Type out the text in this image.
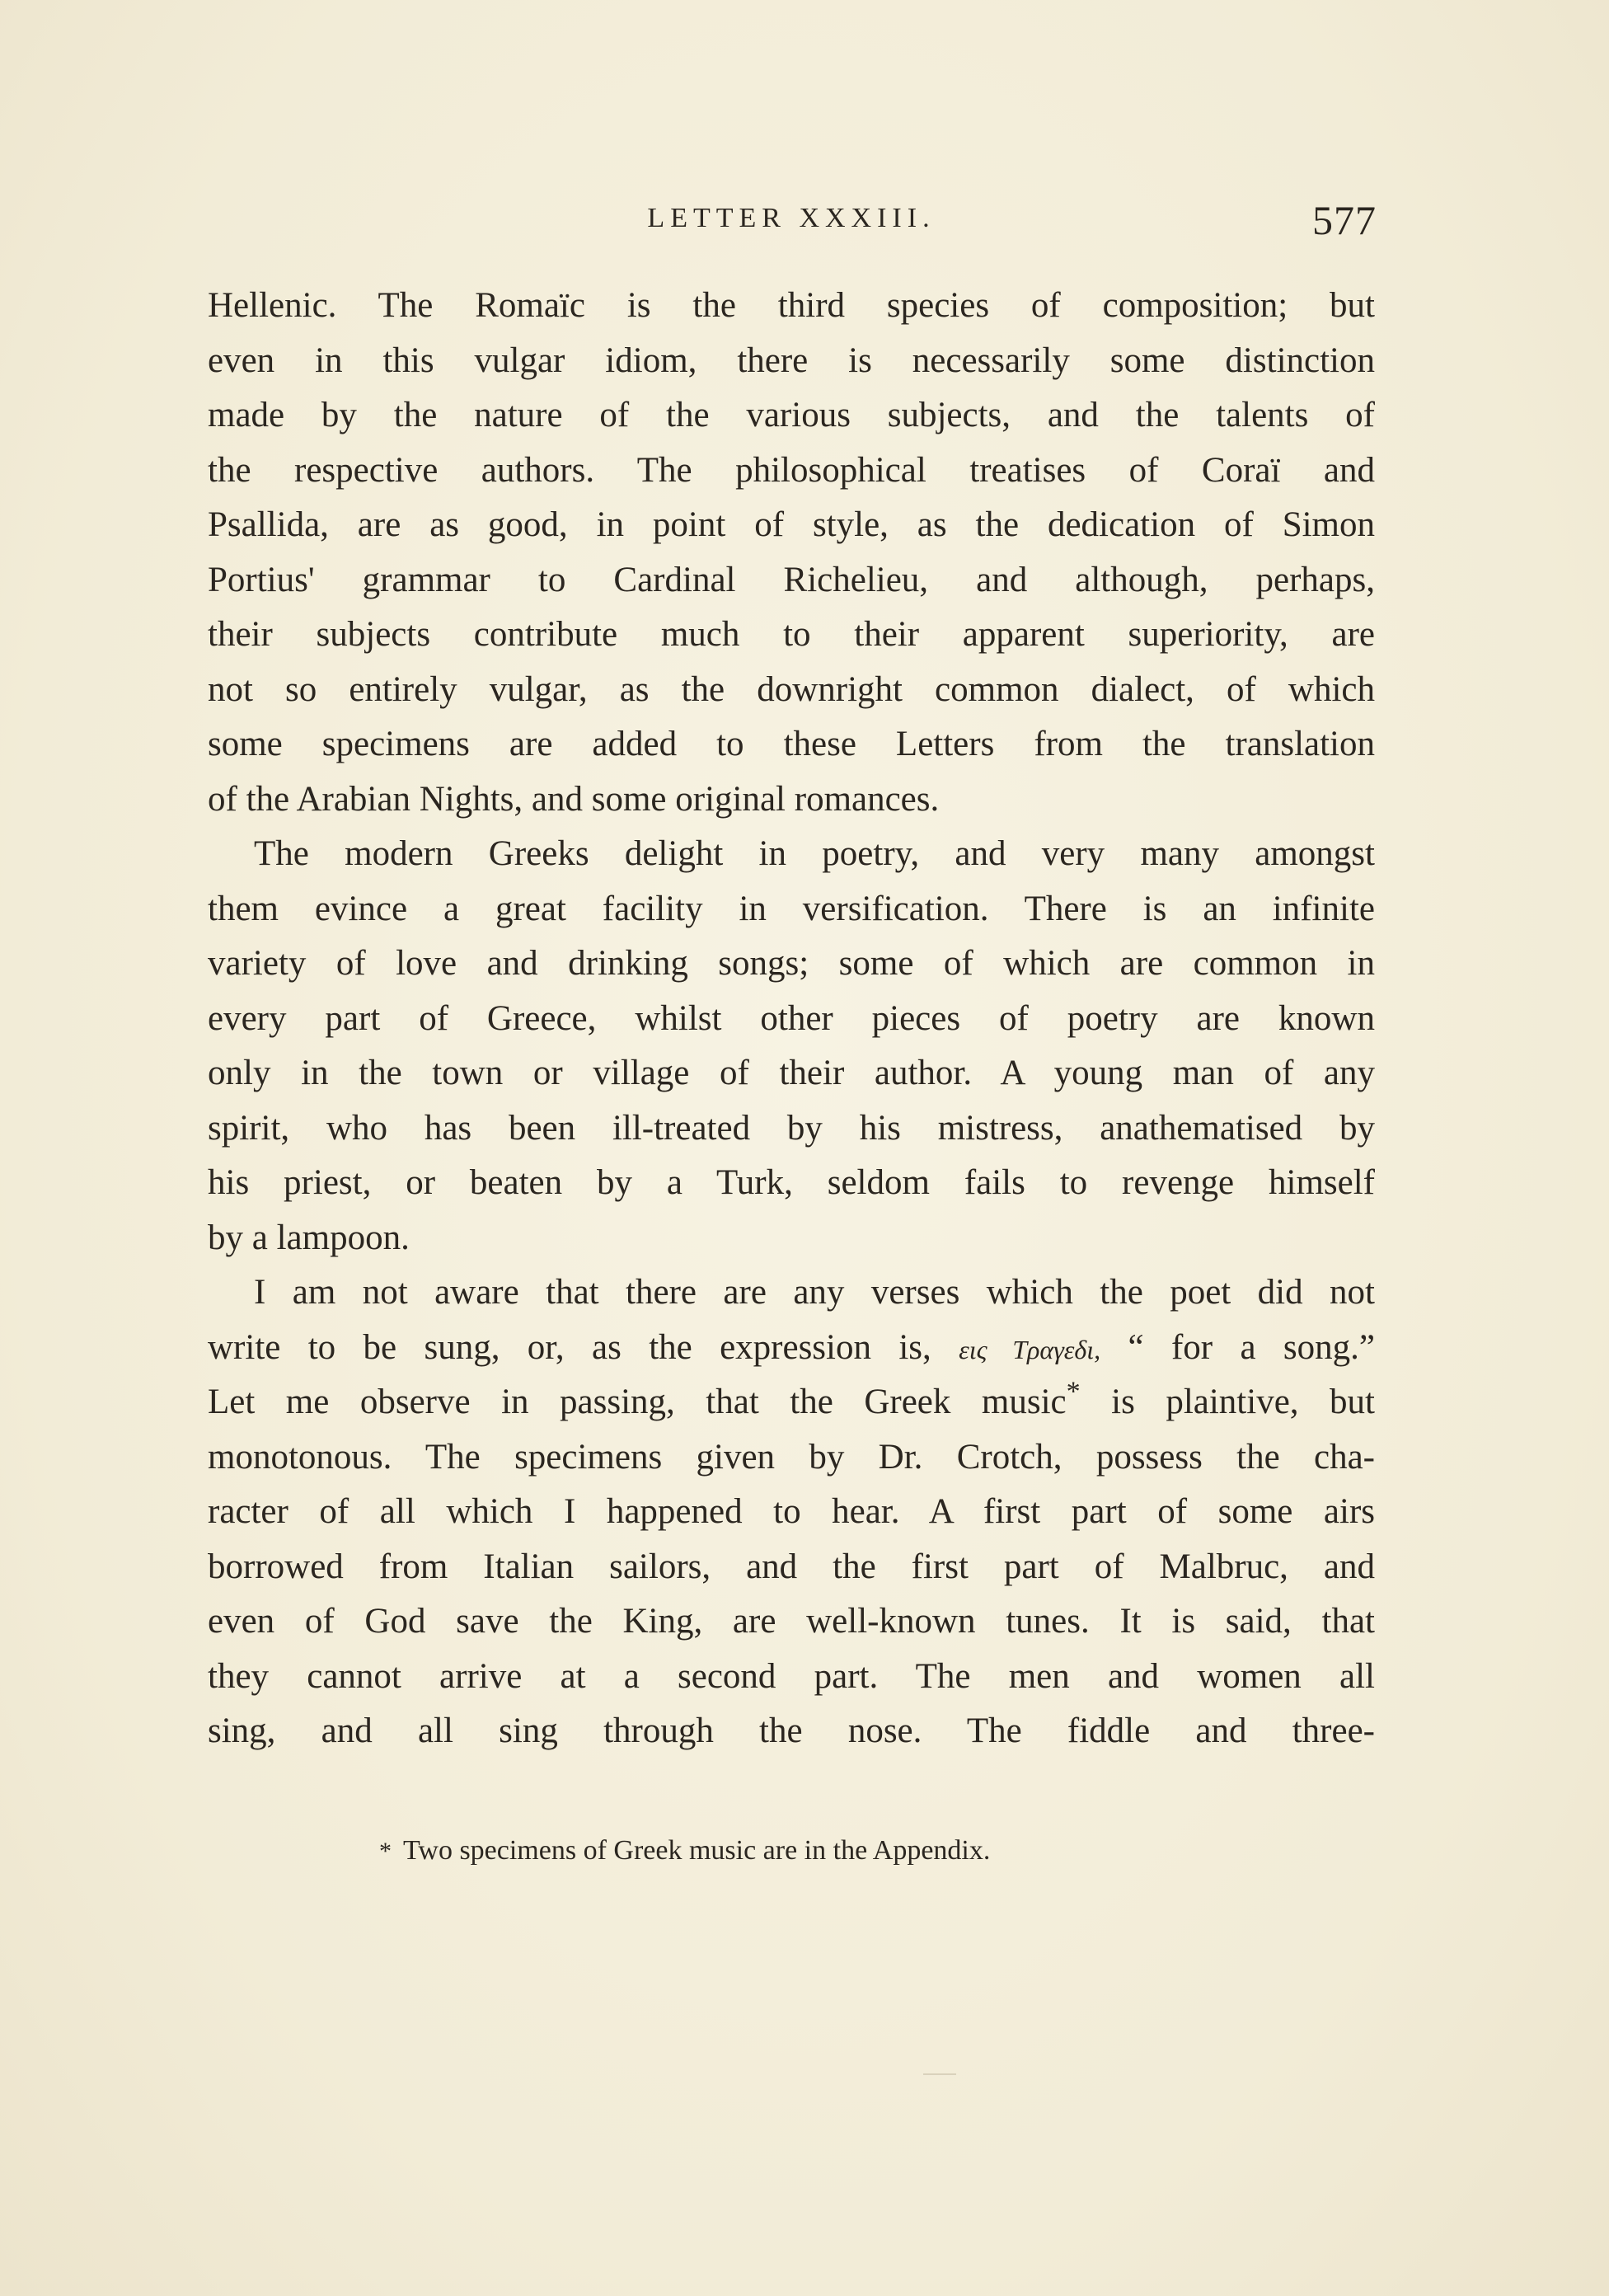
LETTER XXXIII.	577
Hellenic. The Romaïc is the third species of composition; but
even in this vulgar idiom, there is necessarily some distinction
made by the nature of the various subjects, and the talents of
the respective authors. The philosophical treatises of Coraï and
Psallida, are as good, in point of style, as the dedication of Simon
Portius' grammar to Cardinal Richelieu, and although, perhaps,
their subjects contribute much to their apparent superiority, are
not so entirely vulgar, as the downright common dialect, of which
some specimens are added to these Letters from the translation
of the Arabian Nights, and some original romances.
The modern Greeks delight in poetry, and very many amongst
them evince a great facility in versification. There is an infinite
variety of love and drinking songs; some of which are common in
every part of Greece, whilst other pieces of poetry are known
only in the town or village of their author. A young man of any
spirit, who has been ill-treated by his mistress, anathematised by
his priest, or beaten by a Turk, seldom fails to revenge himself
by a lampoon.
I am not aware that there are any verses which the poet did not
write to be sung, or, as the expression is, εις Τραγεδι, “ for a song.”
Let me observe in passing, that the Greek music* is plaintive, but
monotonous. The specimens given by Dr. Crotch, possess the cha-
racter of all which I happened to hear. A first part of some airs
borrowed from Italian sailors, and the first part of Malbruc, and
even of God save the King, are well-known tunes. It is said, that
they cannot arrive at a second part. The men and women all
sing, and all sing through the nose. The fiddle and three-
* Two specimens of Greek music are in the Appendix.
